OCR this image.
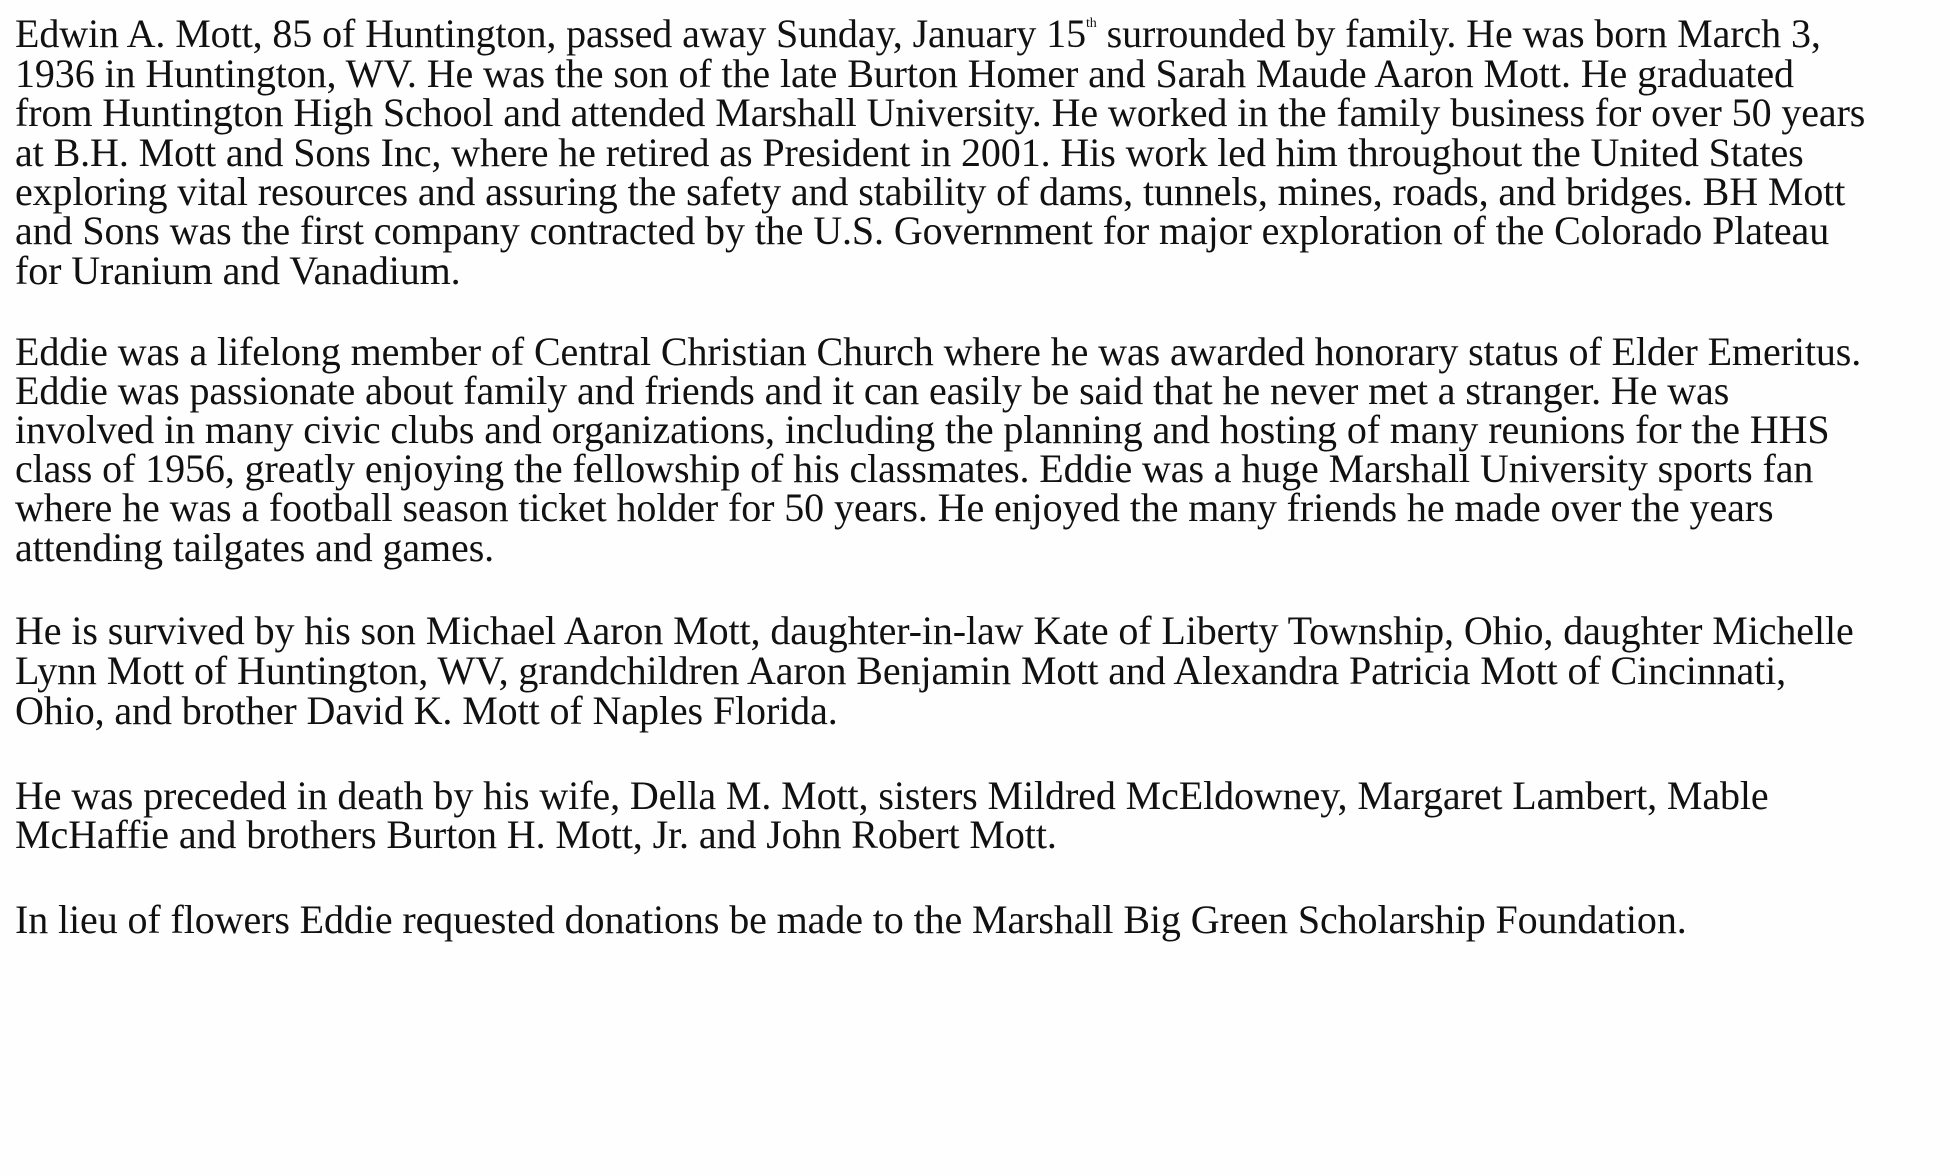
Edwin A. Mott, 85 of Huntington, passed away Sunday, January 15th surrounded by family. He was born March 3,
1936 in Huntington, WV. He was the son of the late Burton Homer and Sarah Maude Aaron Mott. He graduated
from Huntington High School and attended Marshall University. He worked in the family business for over 50 years
at B.H. Mott and Sons Inc, where he retired as President in 2001. His work led him throughout the United States
exploring vital resources and assuring the safety and stability of dams, tunnels, mines, roads, and bridges. BH Mott
and Sons was the first company contracted by the U.S. Government for major exploration of the Colorado Plateau
for Uranium and Vanadium.
Eddie was a lifelong member of Central Christian Church where he was awarded honorary status of Elder Emeritus.
Eddie was passionate about family and friends and it can easily be said that he never met a stranger. He was
involved in many civic clubs and organizations, including the planning and hosting of many reunions for the HHS
class of 1956, greatly enjoying the fellowship of his classmates. Eddie was a huge Marshall University sports fan
where he was a football season ticket holder for 50 years. He enjoyed the many friends he made over the years
attending tailgates and games.
He is survived by his son Michael Aaron Mott, daughter-in-law Kate of Liberty Township, Ohio, daughter Michelle
Lynn Mott of Huntington, WV, grandchildren Aaron Benjamin Mott and Alexandra Patricia Mott of Cincinnati,
Ohio, and brother David K. Mott of Naples Florida.
He was preceded in death by his wife, Della M. Mott, sisters Mildred McEldowney, Margaret Lambert, Mable
McHaffie and brothers Burton H. Mott, Jr. and John Robert Mott.
In lieu of flowers Eddie requested donations be made to the Marshall Big Green Scholarship Foundation.
